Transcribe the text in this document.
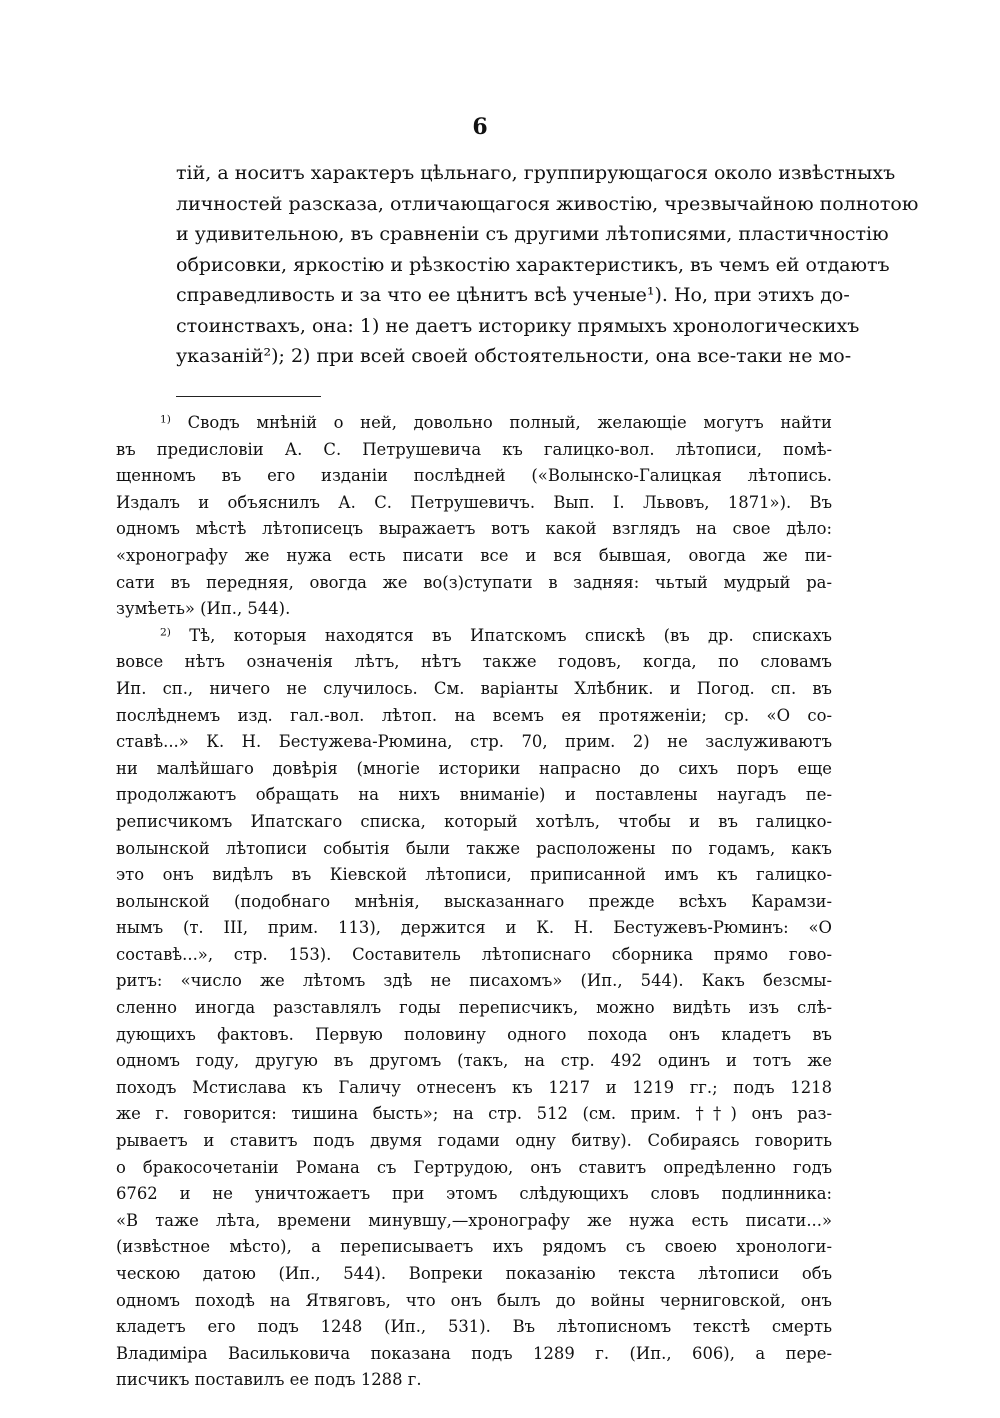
6
тій, а носитъ характеръ цѣльнаго, группирующагося около извѣстныхъ
личностей разсказа, отличающагося живостію, чрезвычайною полнотою
и удивительною, въ сравненіи съ другими лѣтописями, пластичностію
обрисовки, яркостію и рѣзкостію характеристикъ, въ чемъ ей отдаютъ
справедливость и за что ее цѣнитъ всѣ ученые¹). Но, при этихъ до-
стоинствахъ, она: 1) не даетъ историку прямыхъ хронологическихъ
указаній²); 2) при всей своей обстоятельности, она все-таки не мо-
$^{1)}$ Сводъ мнѣній о ней, довольно полный, желающіе могутъ найти
въ предисловіи А. С. Петрушевича къ галицко-вол. лѣтописи, помѣ-
щенномъ въ его изданіи послѣдней («Волынско-Галицкая лѣтопись.
Издалъ и объяснилъ А. С. Петрушевичъ. Вып. I. Львовъ, 1871»). Въ
одномъ мѣстѣ лѣтописецъ выражаетъ вотъ какой взглядъ на свое дѣло:
«хронографу же нужа есть писати все и вся бывшая, овогда же пи-
сати въ передняя, овогда же во(з)ступати в задняя: чьтый мудрый ра-
зумѣеть» (Ип., 544).
$^{2)}$ Тѣ, которыя находятся въ Ипатскомъ спискѣ (въ др. спискахъ
вовсе нѣтъ означенія лѣтъ, нѣтъ также годовъ, когда, по словамъ
Ип. сп., ничего не случилось. См. варіанты Хлѣбник. и Погод. сп. въ
послѣднемъ изд. гал.-вол. лѣтоп. на всемъ ея протяженіи; ср. «О со-
ставѣ...» К. Н. Бестужева-Рюмина, стр. 70, прим. 2) не заслуживаютъ
ни малѣйшаго довѣрія (многіе историки напрасно до сихъ поръ еще
продолжаютъ обращать на нихъ вниманіе) и поставлены наугадъ пе-
реписчикомъ Ипатскаго списка, который хотѣлъ, чтобы и въ галицко-
волынской лѣтописи событія были также расположены по годамъ, какъ
это онъ видѣлъ въ Кіевской лѣтописи, приписанной имъ къ галицко-
волынской (подобнаго мнѣнія, высказаннаго прежде всѣхъ Карамзи-
нымъ (т. III, прим. 113), держится и К. Н. Бестужевъ-Рюминъ: «О
составѣ...», стр. 153). Составитель лѣтописнаго сборника прямо гово-
ритъ: «число же лѣтомъ здѣ не писахомъ» (Ип., 544). Какъ безсмы-
сленно иногда разставлялъ годы переписчикъ, можно видѣть изъ слѣ-
дующихъ фактовъ. Первую половину одного похода онъ кладетъ въ
одномъ году, другую въ другомъ (такъ, на стр. 492 одинъ и тотъ же
походъ Мстислава къ Галичу отнесенъ къ 1217 и 1219 гг.; подъ 1218
же г. говорится: тишина бысть»; на стр. 512 (см. прим. ††) онъ раз-
рываетъ и ставитъ подъ двумя годами одну битву). Собираясь говорить
о бракосочетаніи Романа съ Гертрудою, онъ ставитъ опредѣленно годъ
6762 и не уничтожаетъ при этомъ слѣдующихъ словъ подлинника:
«В таже лѣта, времени минувшу,—хронографу же нужа есть писати...»
(извѣстное мѣсто), а переписываетъ ихъ рядомъ съ своею хронологи-
ческою датою (Ип., 544). Вопреки показанію текста лѣтописи объ
одномъ походѣ на Ятвяговъ, что онъ былъ до войны черниговской, онъ
кладетъ его подъ 1248 (Ип., 531). Въ лѣтописномъ текстѣ смерть
Владиміра Васильковича показана подъ 1289 г. (Ип., 606), а пере-
писчикъ поставилъ ее подъ 1288 г.
